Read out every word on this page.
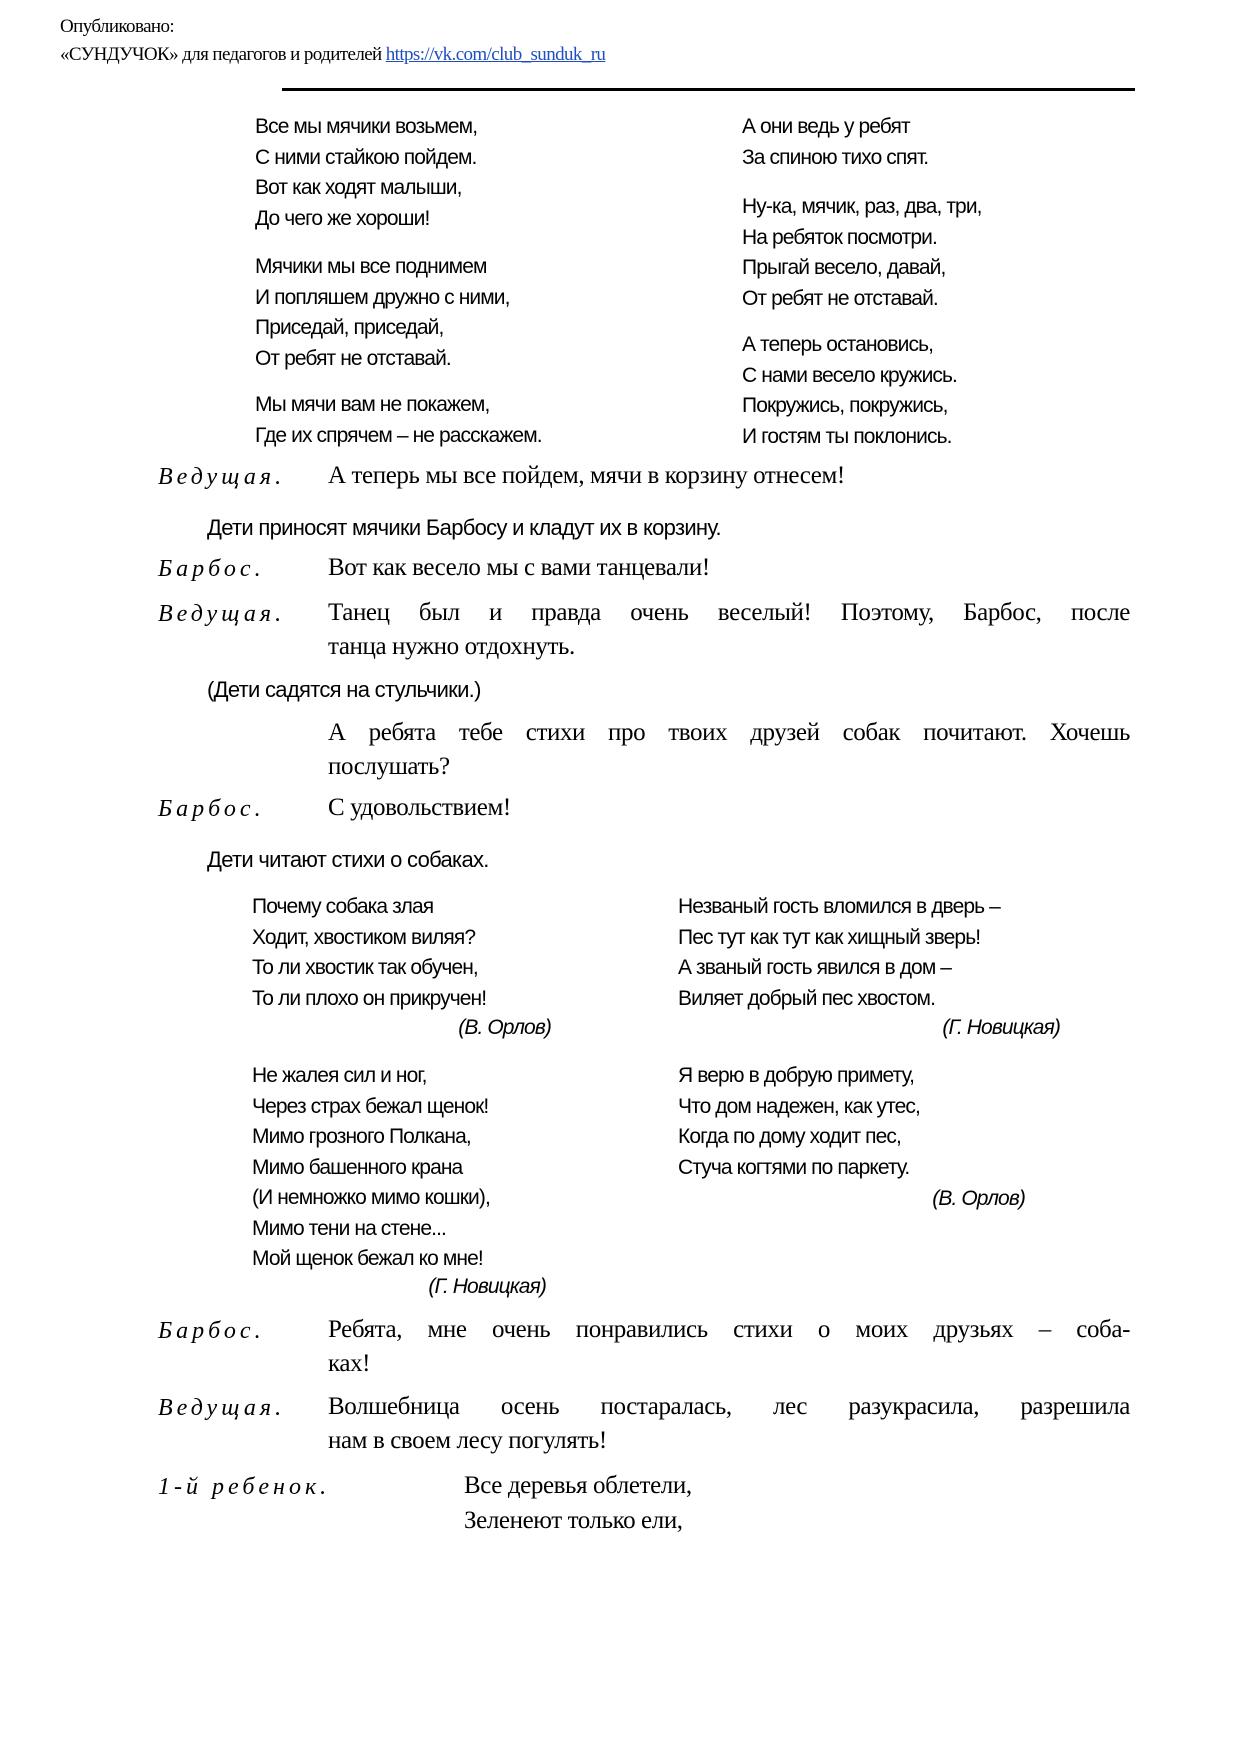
Опубликовано:
«СУНДУЧОК» для педагогов и родителей https://vk.com/club_sunduk_ru
Все мы мячики возьмем,
С ними стайкою пойдем.
Вот как ходят малыши,
До чего же хороши!
Мячики мы все поднимем
И попляшем дружно с ними,
Приседай, приседай,
От ребят не отставай.
Мы мячи вам не покажем,
Где их спрячем – не расскажем.
А они ведь у ребят
За спиною тихо спят.
Ну-ка, мячик, раз, два, три,
На ребяток посмотри.
Прыгай весело, давай,
От ребят не отставай.
А теперь остановись,
С нами весело кружись.
Покружись, покружись,
И гостям ты поклонись.
Ведущая. А теперь мы все пойдем, мячи в корзину отнесем!
Дети приносят мячики Барбосу и кладут их в корзину.
Барбос.	Вот как весело мы с вами танцевали!
Ведущая. Танец был и правда очень веселый! Поэтому, Барбос, после
танца нужно отдохнуть.
(Дети садятся на стульчики.)
А ребята тебе стихи про твоих друзей собак почитают. Хочешь
послушать?
Барбос.	С удовольствием!
Дети читают стихи о собаках.
Почему собака злая
Ходит, хвостиком виляя?
То ли хвостик так обучен,
То ли плохо он прикручен!
(В. Орлов)
Незваный гость вломился в дверь –
Пес тут как тут как хищный зверь!
А званый гость явился в дом –
Виляет добрый пес хвостом.
(Г. Новицкая)
Не жалея сил и ног,
Через страх бежал щенок!
Мимо грозного Полкана,
Мимо башенного крана
(И немножко мимо кошки),
Мимо тени на стене...
Мой щенок бежал ко мне!
(Г. Новицкая)
Я верю в добрую примету,
Что дом надежен, как утес,
Когда по дому ходит пес,
Стуча когтями по паркету.
(В. Орлов)
Барбос.	Ребята, мне очень понравились стихи о моих друзьях – соба-
ках!
Ведущая. Волшебница осень постаралась, лес разукрасила, разрешила
нам в своем лесу погулять!
1-й ребенок.	Все деревья облетели,
Зеленеют только ели,
